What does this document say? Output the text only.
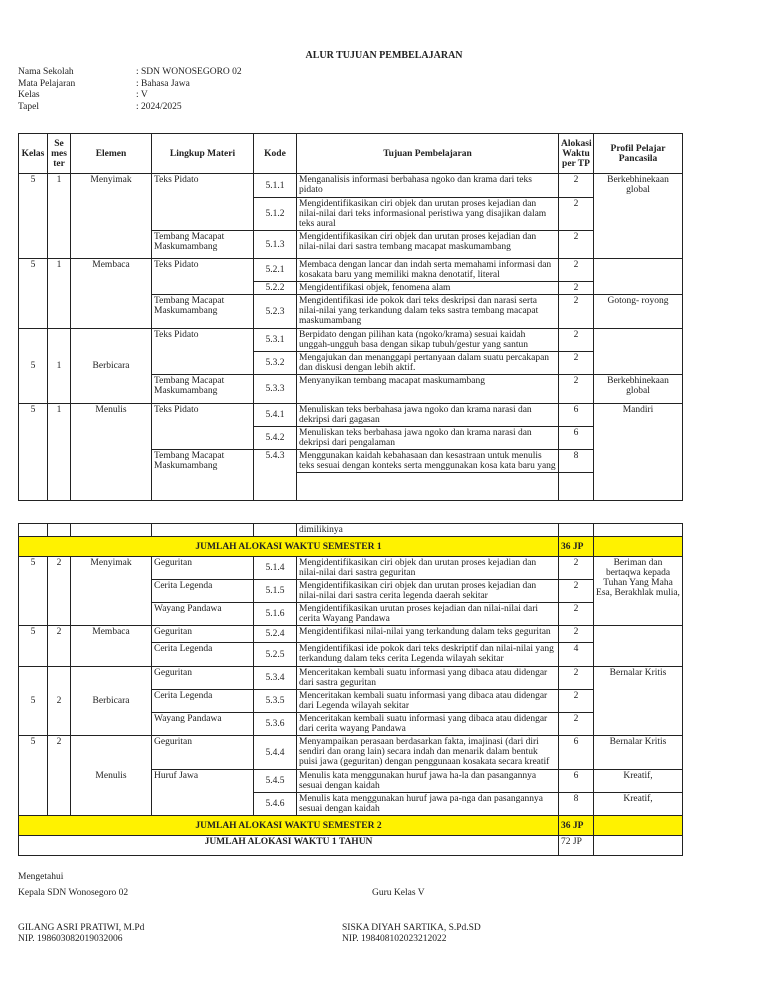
ALUR TUJUAN PEMBELAJARAN
Nama Sekolah	: SDN WONOSEGORO 02
Mata Pelajaran	: Bahasa Jawa
Kelas	: V
Tapel	: 2024/2025
Kelas	Se mes ter	Elemen	Lingkup Materi	Kode	Tujuan Pembelajaran	Alokasi Waktu per TP	Profil Pelajar Pancasila
5	1	Menyimak	Teks Pidato	5.1.1	Menganalisis informasi berbahasa ngoko dan krama dari teks pidato	2	Berkebhinekaan global
				5.1.2	Mengidentifikasikan ciri objek dan urutan proses kejadian dan nilai-nilai dari teks informasional peristiwa yang disajikan dalam teks aural	2	
			Tembang Macapat Maskumambang	5.1.3	Mengidentifikasikan ciri objek dan urutan proses kejadian dan nilai-nilai dari sastra tembang macapat maskumambang	2	
5	1	Membaca	Teks Pidato	5.2.1	Membaca dengan lancar dan indah serta memahami informasi dan kosakata baru yang memiliki makna denotatif, literal	2	
				5.2.2	Mengidentifikasi objek, fenomena alam	2	
			Tembang Macapat Maskumambang	5.2.3	Mengidentifikasi ide pokok dari teks deskripsi dan narasi serta nilai-nilai yang terkandung dalam teks sastra tembang macapat maskumambang	2	Gotong- royong
5	1	Berbicara	Teks Pidato	5.3.1	Berpidato dengan pilihan kata (ngoko/krama) sesuai kaidah unggah-ungguh basa dengan sikap tubuh/gestur yang santun	2	
				5.3.2	Mengajukan dan menanggapi pertanyaan dalam suatu percakapan dan diskusi dengan lebih aktif.	2	
			Tembang Macapat Maskumambang	5.3.3	Menyanyikan tembang macapat maskumambang	2	Berkebhinekaan global
5	1	Menulis	Teks Pidato	5.4.1	Menuliskan teks berbahasa jawa ngoko dan krama narasi dan dekripsi dari gagasan	6	Mandiri
				5.4.2	Menuliskan teks berbahasa jawa ngoko dan krama narasi dan dekripsi dari pengalaman	6	
			Tembang Macapat Maskumambang	5.4.3	Menggunakan kaidah kebahasaan dan kesastraan untuk menulis teks sesuai dengan konteks serta menggunakan kosa kata baru yang	8	

					dimilikinya		
JUMLAH ALOKASI WAKTU SEMESTER 1						36 JP	
5	2	Menyimak	Geguritan	5.1.4	Mengidentifikasikan ciri objek dan urutan proses kejadian dan nilai-nilai dari sastra geguritan	2	Beriman dan bertaqwa kepada Tuhan Yang Maha Esa, Berakhlak mulia,
			Cerita Legenda	5.1.5	Mengidentifikasikan ciri objek dan urutan proses kejadian dan nilai-nilai dari sastra cerita legenda daerah sekitar	2	
			Wayang Pandawa	5.1.6	Mengidentifikasikan urutan proses kejadian dan nilai-nilai dari cerita Wayang Pandawa	2	
5	2	Membaca	Geguritan	5.2.4	Mengidentifikasi nilai-nilai yang terkandung dalam teks geguritan	2	
			Cerita Legenda	5.2.5	Mengidentifikasi ide pokok dari teks deskriptif dan nilai-nilai yang terkandung dalam teks cerita Legenda wilayah sekitar	4	
5	2	Berbicara	Geguritan	5.3.4	Menceritakan kembali suatu informasi yang dibaca atau didengar dari sastra geguritan	2	Bernalar Kritis
			Cerita Legenda	5.3.5	Menceritakan kembali suatu informasi yang dibaca atau didengar dari Legenda wilayah sekitar	2	
			Wayang Pandawa	5.3.6	Menceritakan kembali suatu informasi yang dibaca atau didengar dari cerita wayang Pandawa	2	
5	2	Menulis	Geguritan	5.4.4	Menyampaikan perasaan berdasarkan fakta, imajinasi (dari diri sendiri dan orang lain) secara indah dan menarik dalam bentuk puisi jawa (geguritan) dengan penggunaan kosakata secara kreatif	6	Bernalar Kritis
			Huruf Jawa	5.4.5	Menulis kata menggunakan huruf jawa ha-la dan pasangannya sesuai dengan kaidah	6	Kreatif,
				5.4.6	Menulis kata menggunakan huruf jawa pa-nga dan pasangannya sesuai dengan kaidah	8	Kreatif,
JUMLAH ALOKASI WAKTU SEMESTER 2						36 JP	
JUMLAH ALOKASI WAKTU 1 TAHUN						72 JP	
Mengetahui
Kepala SDN Wonosegoro 02	Guru Kelas V
GILANG ASRI PRATIWI, M.Pd
NIP. 198603082019032006
SISKA DIYAH SARTIKA, S.Pd.SD
NIP. 198408102023212022
